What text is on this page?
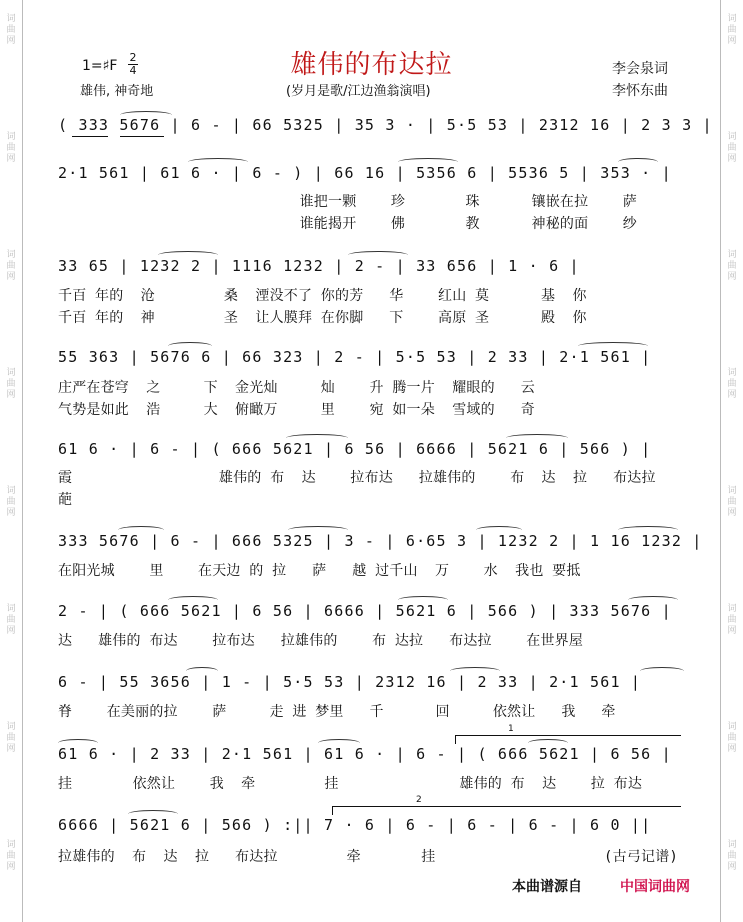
词
曲
网
词
曲
网
词
曲
网
词
曲
网
词
曲
网
词
曲
网
词
曲
网
词
曲
网
词
曲
网
词
曲
网
词
曲
网
词
曲
网
词
曲
网
词
曲
网
词
曲
网
词
曲
网
雄伟的布达拉
(岁月是歌/江边渔翁演唱)
1=♯F
2
4
雄伟, 神奇地
李会泉词
李怀东曲
( 333 5676 | 6 - | 66 5325 | 35 3 · | 5·5 53 | 2312 16 | 2 3 3 |
2·1 561 | 61 6 · | 6 - ) | 66 16 | 5356 6 | 5536 5 | 353 · |
谁把一颗    珍       珠      镶嵌在拉    萨
谁能揭开    佛       教      神秘的面    纱
33 65 | 1232 2 | 1116 1232 | 2 - | 33 656 | 1 · 6 |
千百 年的  沧        桑  湮没不了 你的芳   华    红山 莫      基  你
千百 年的  神        圣  让人膜拜 在你脚   下    高原 圣      殿  你
55 363 | 5676 6 | 66 323 | 2 - | 5·5 53 | 2 33 | 2·1 561 |
庄严在苍穹  之     下  金光灿     灿    升 腾一片  耀眼的   云
气势是如此  浩     大  俯瞰万     里    宛 如一朵  雪域的   奇
61 6 · | 6 - | ( 666 5621 | 6 56 | 6666 | 5621 6 | 566 ) |
霞                 雄伟的 布  达    拉布达   拉雄伟的    布  达  拉   布达拉
葩
333 5676 | 6 - | 666 5325 | 3 - | 6·65 3 | 1232 2 | 1 16 1232 |
在阳光城    里    在天边 的 拉   萨   越 过千山  万    水  我也 要抵
2 - | ( 666 5621 | 6 56 | 6666 | 5621 6 | 566 ) | 333 5676 |
达   雄伟的 布达    拉布达   拉雄伟的    布 达拉   布达拉    在世界屋
6 - | 55 3656 | 1 - | 5·5 53 | 2312 16 | 2 33 | 2·1 561 |
脊    在美丽的拉    萨     走 进 梦里   千      回     依然让   我   牵
1
61 6 · | 2 33 | 2·1 561 | 61 6 · | 6 - | ( 666 5621 | 6 56 |
挂       依然让    我  牵        挂              雄伟的 布  达    拉 布达
2
6666 | 5621 6 | 566 ) :|| 7 · 6 | 6 - | 6 - | 6 - | 6 0 ||
拉雄伟的  布  达  拉   布达拉        牵       挂	(古弓记谱)
本曲谱源自	中国词曲网
